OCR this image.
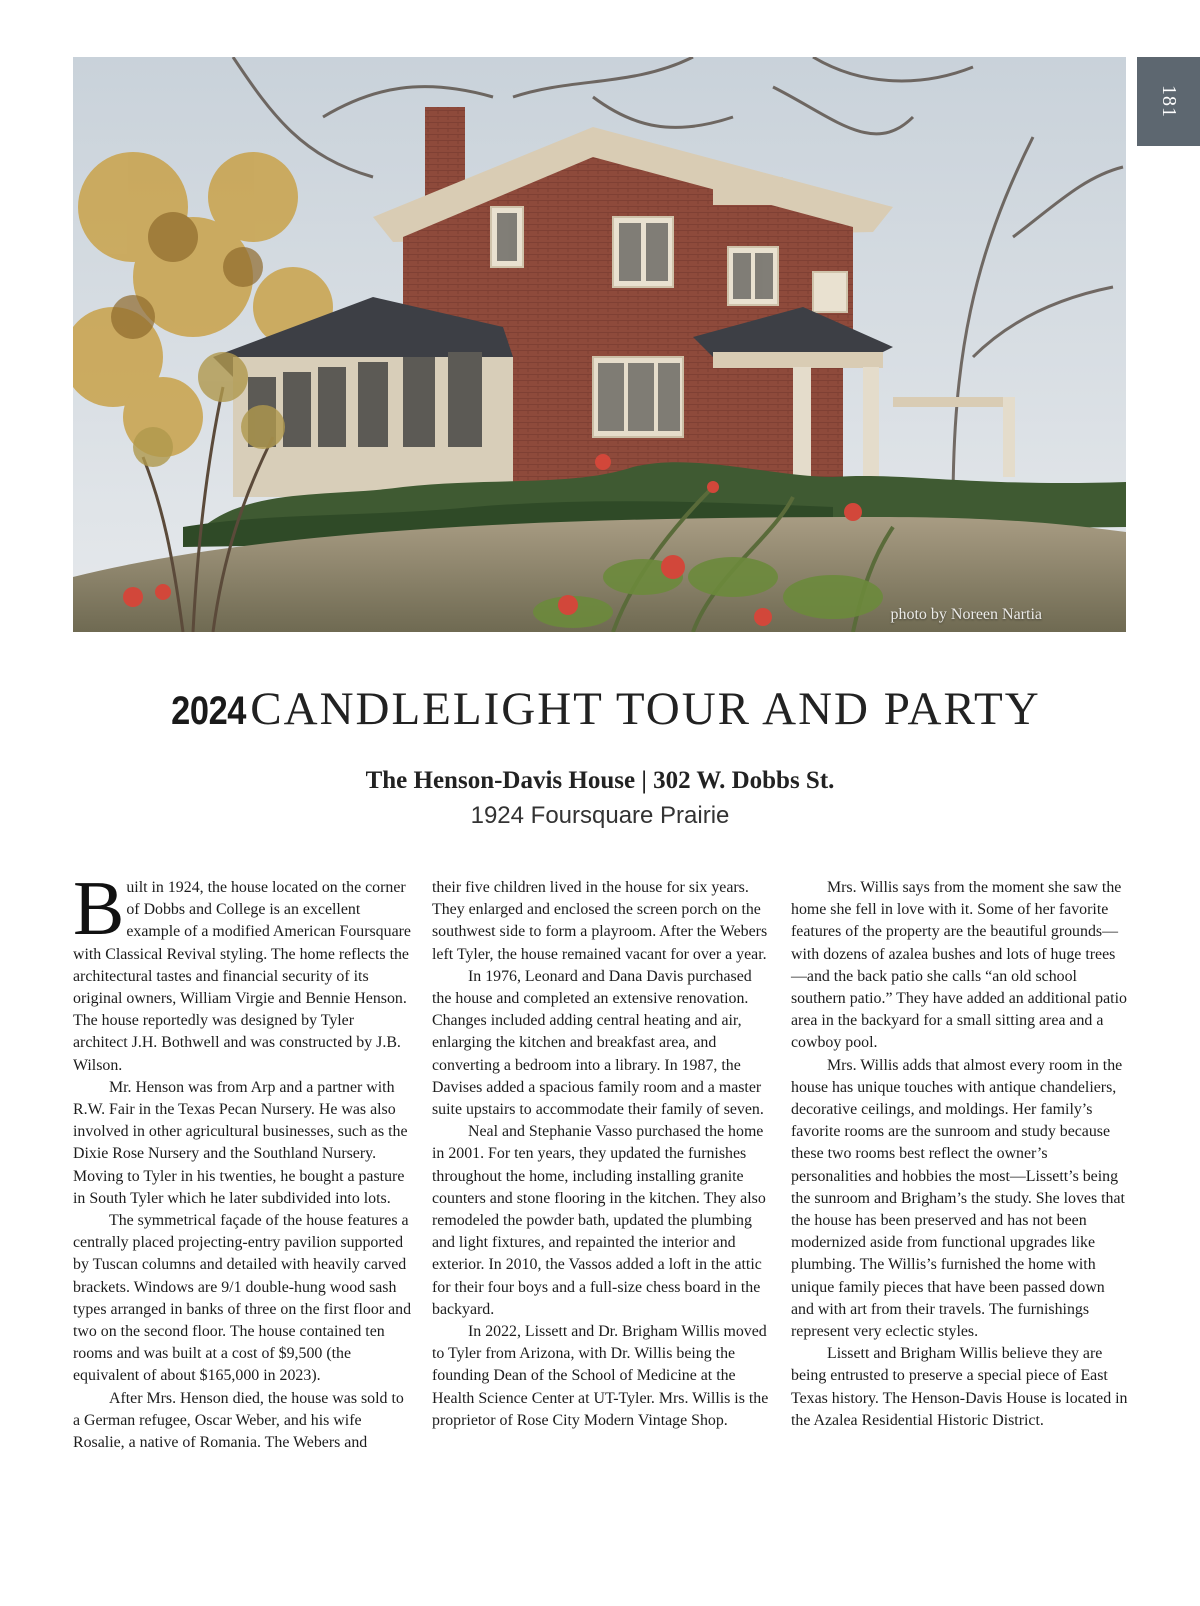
181
photo by Noreen Nartia
2024 CANDLELIGHT TOUR AND PARTY
The Henson-Davis House | 302 W. Dobbs St.
1924 Foursquare Prairie

Built in 1924, the house located on the corner of Dobbs and College is an excellent example of a modified American Foursquare with Classical Revival styling. The home reflects the architectural tastes and financial security of its original owners, William Virgie and Bennie Henson. The house reportedly was designed by Tyler architect J.H. Bothwell and was constructed by J.B. Wilson.

Mr. Henson was from Arp and a partner with R.W. Fair in the Texas Pecan Nursery. He was also involved in other agricultural businesses, such as the Dixie Rose Nursery and the Southland Nursery. Moving to Tyler in his twenties, he bought a pasture in South Tyler which he later subdivided into lots.

The symmetrical façade of the house features a centrally placed projecting-entry pavilion supported by Tuscan columns and detailed with heavily carved brackets. Windows are 9/1 double-hung wood sash types arranged in banks of three on the first floor and two on the second floor. The house contained ten rooms and was built at a cost of $9,500 (the equivalent of about $165,000 in 2023).

After Mrs. Henson died, the house was sold to a German refugee, Oscar Weber, and his wife Rosalie, a native of Romania. The Webers and

their five children lived in the house for six years. They enlarged and enclosed the screen porch on the southwest side to form a playroom. After the Webers left Tyler, the house remained vacant for over a year.

In 1976, Leonard and Dana Davis purchased the house and completed an extensive renovation. Changes included adding central heating and air, enlarging the kitchen and breakfast area, and converting a bedroom into a library. In 1987, the Davises added a spacious family room and a master suite upstairs to accommodate their family of seven.

Neal and Stephanie Vasso purchased the home in 2001. For ten years, they updated the furnishes throughout the home, including installing granite counters and stone flooring in the kitchen. They also remodeled the powder bath, updated the plumbing and light fixtures, and repainted the interior and exterior. In 2010, the Vassos added a loft in the attic for their four boys and a full-size chess board in the backyard.

In 2022, Lissett and Dr. Brigham Willis moved to Tyler from Arizona, with Dr. Willis being the founding Dean of the School of Medicine at the Health Science Center at UT-Tyler. Mrs. Willis is the proprietor of Rose City Modern Vintage Shop.

Mrs. Willis says from the moment she saw the home she fell in love with it. Some of her favorite features of the property are the beautiful grounds—with dozens of azalea bushes and lots of huge trees—and the back patio she calls “an old school southern patio.” They have added an additional patio area in the backyard for a small sitting area and a cowboy pool.

Mrs. Willis adds that almost every room in the house has unique touches with antique chandeliers, decorative ceilings, and moldings. Her family’s favorite rooms are the sunroom and study because these two rooms best reflect the owner’s personalities and hobbies the most—Lissett’s being the sunroom and Brigham’s the study. She loves that the house has been preserved and has not been modernized aside from functional upgrades like plumbing. The Willis’s furnished the home with unique family pieces that have been passed down and with art from their travels. The furnishings represent very eclectic styles.

Lissett and Brigham Willis believe they are being entrusted to preserve a special piece of East Texas history. The Henson-Davis House is located in the Azalea Residential Historic District.
